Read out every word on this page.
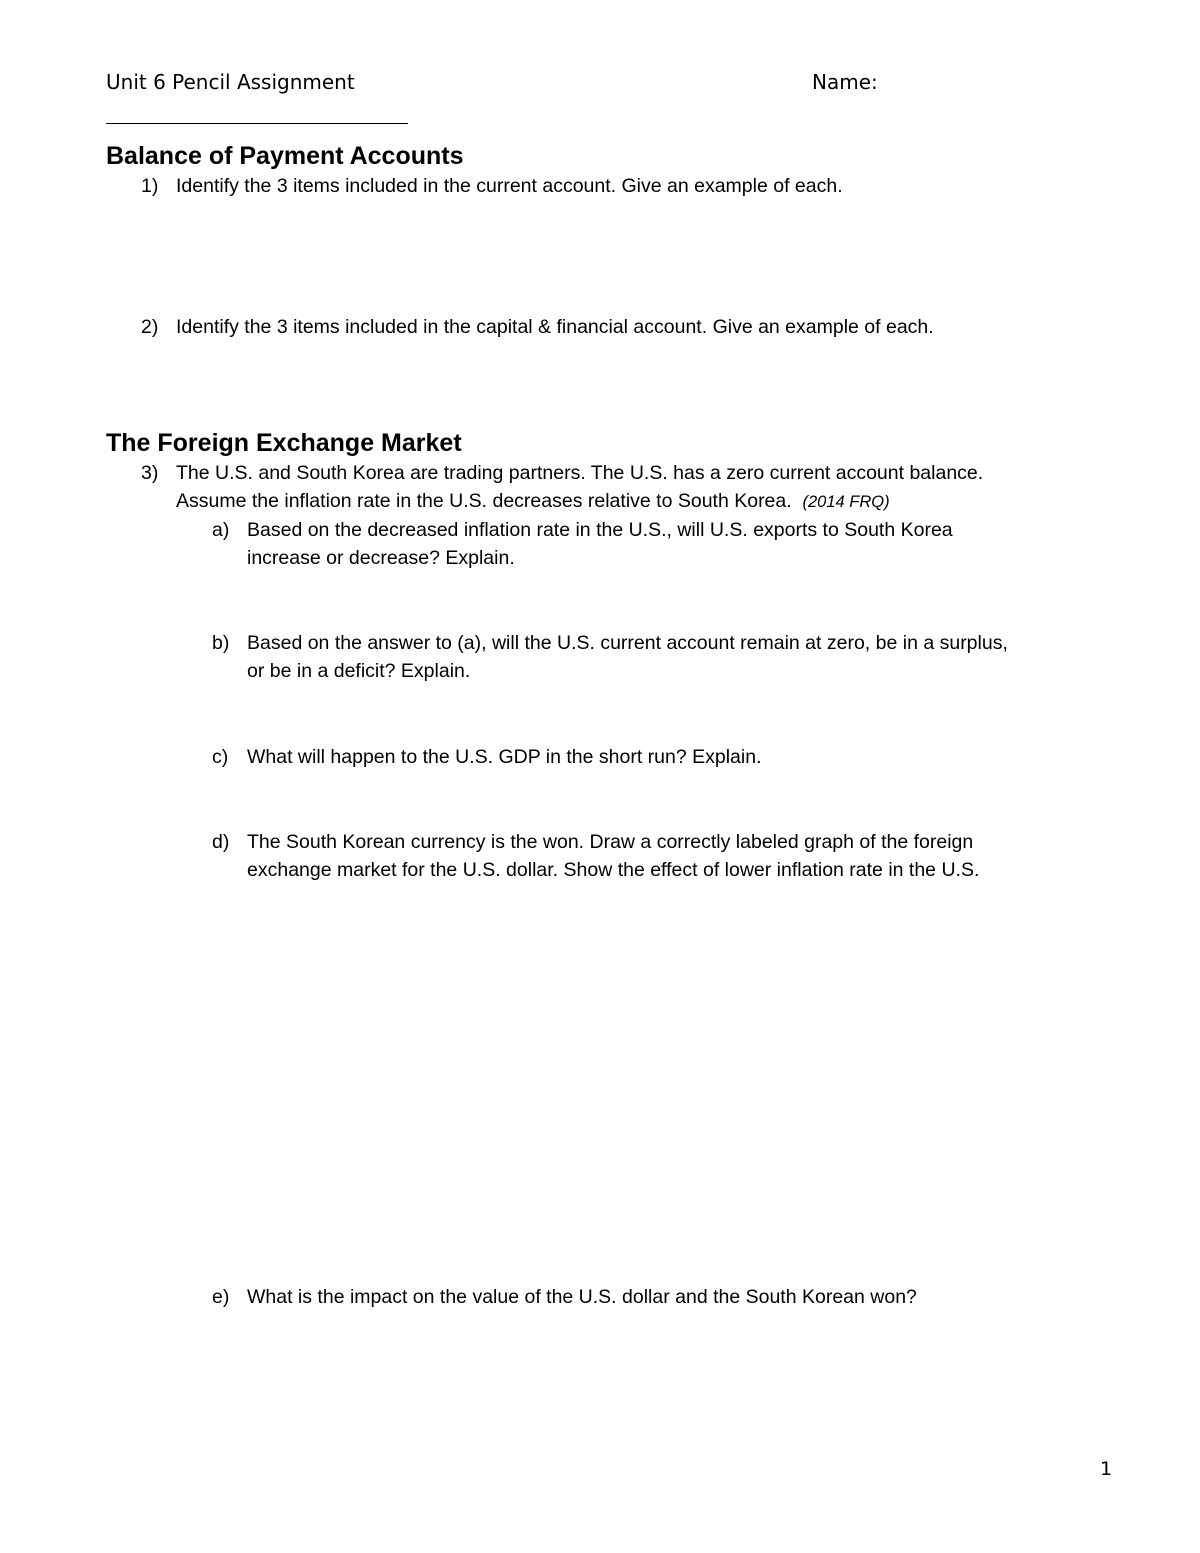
Unit 6 Pencil Assignment	Name:
Balance of Payment Accounts
1) Identify the 3 items included in the current account. Give an example of each.
2) Identify the 3 items included in the capital & financial account. Give an example of each.
The Foreign Exchange Market
3) The U.S. and South Korea are trading partners. The U.S. has a zero current account balance.
Assume the inflation rate in the U.S. decreases relative to South Korea. (2014 FRQ)
a) Based on the decreased inflation rate in the U.S., will U.S. exports to South Korea
increase or decrease? Explain.
b) Based on the answer to (a), will the U.S. current account remain at zero, be in a surplus,
or be in a deficit? Explain.
c) What will happen to the U.S. GDP in the short run? Explain.
d) The South Korean currency is the won. Draw a correctly labeled graph of the foreign
exchange market for the U.S. dollar. Show the effect of lower inflation rate in the U.S.
e) What is the impact on the value of the U.S. dollar and the South Korean won?
1
